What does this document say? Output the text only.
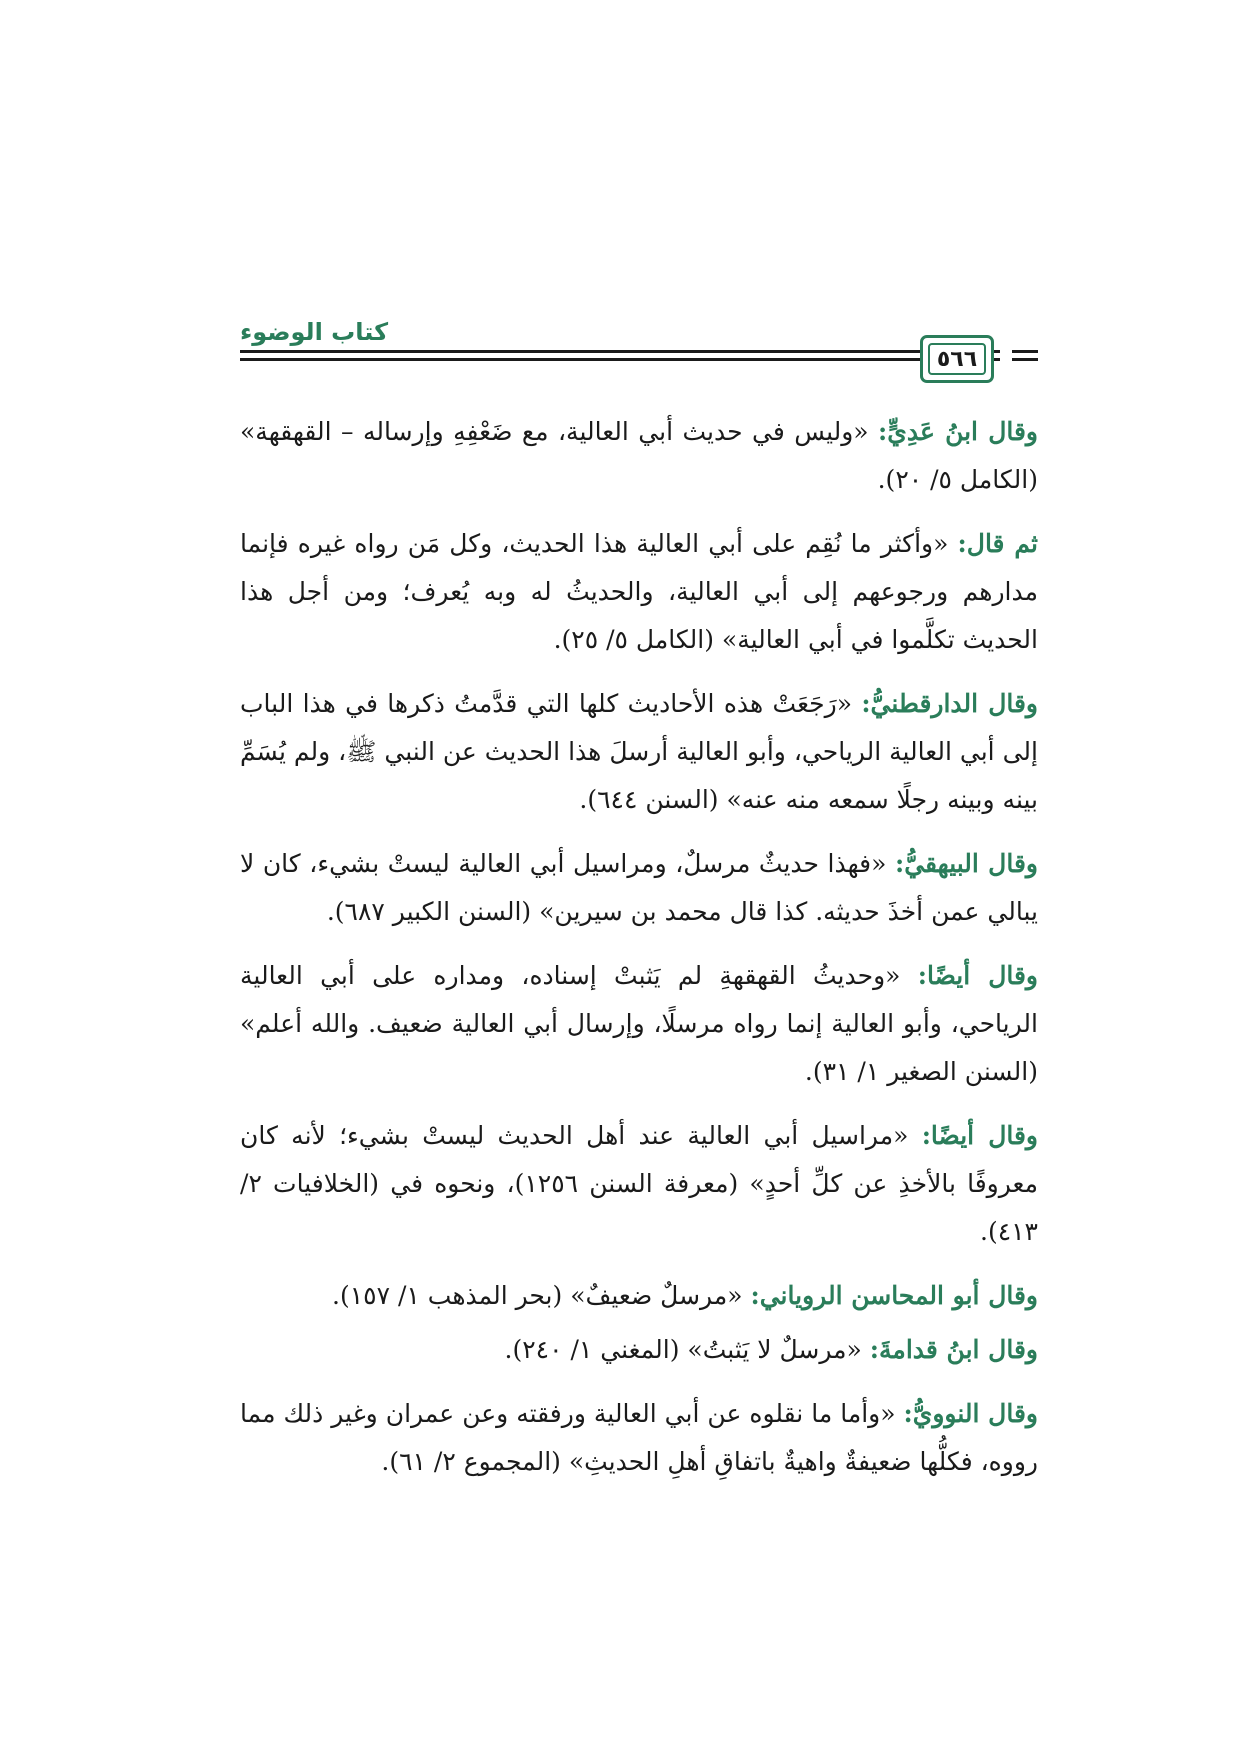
كتاب الوضوء
٥٦٦

وقال ابنُ عَدِيٍّ: «وليس في حديث أبي العالية، مع ضَعْفِهِ وإرساله – القهقهة» (الكامل ٥/ ٢٠).

ثم قال: «وأكثر ما نُقِم على أبي العالية هذا الحديث، وكل مَن رواه غيره فإنما مدارهم ورجوعهم إلى أبي العالية، والحديثُ له وبه يُعرف؛ ومن أجل هذا الحديث تكلَّموا في أبي العالية» (الكامل ٥/ ٢٥).

وقال الدارقطنيُّ: «رَجَعَتْ هذه الأحاديث كلها التي قدَّمتُ ذكرها في هذا الباب إلى أبي العالية الرياحي، وأبو العالية أرسلَ هذا الحديث عن النبي ﷺ، ولم يُسَمِّ بينه وبينه رجلًا سمعه منه عنه» (السنن ٦٤٤).

وقال البيهقيُّ: «فهذا حديثٌ مرسلٌ، ومراسيل أبي العالية ليستْ بشيء، كان لا يبالي عمن أخذَ حديثه. كذا قال محمد بن سيرين» (السنن الكبير ٦٨٧).

وقال أيضًا: «وحديثُ القهقهةِ لم يَثبتْ إسناده، ومداره على أبي العالية الرياحي، وأبو العالية إنما رواه مرسلًا، وإرسال أبي العالية ضعيف. والله أعلم» (السنن الصغير ١/ ٣١).

وقال أيضًا: «مراسيل أبي العالية عند أهل الحديث ليستْ بشيء؛ لأنه كان معروفًا بالأخذِ عن كلِّ أحدٍ» (معرفة السنن ١٢٥٦)، ونحوه في (الخلافيات ٢/ ٤١٣).

وقال أبو المحاسن الروياني: «مرسلٌ ضعيفٌ» (بحر المذهب ١/ ١٥٧).

وقال ابنُ قدامةَ: «مرسلٌ لا يَثبتُ» (المغني ١/ ٢٤٠).

وقال النوويُّ: «وأما ما نقلوه عن أبي العالية ورفقته وعن عمران وغير ذلك مما رووه، فكلُّها ضعيفةٌ واهيةٌ باتفاقِ أهلِ الحديثِ» (المجموع ٢/ ٦١).
